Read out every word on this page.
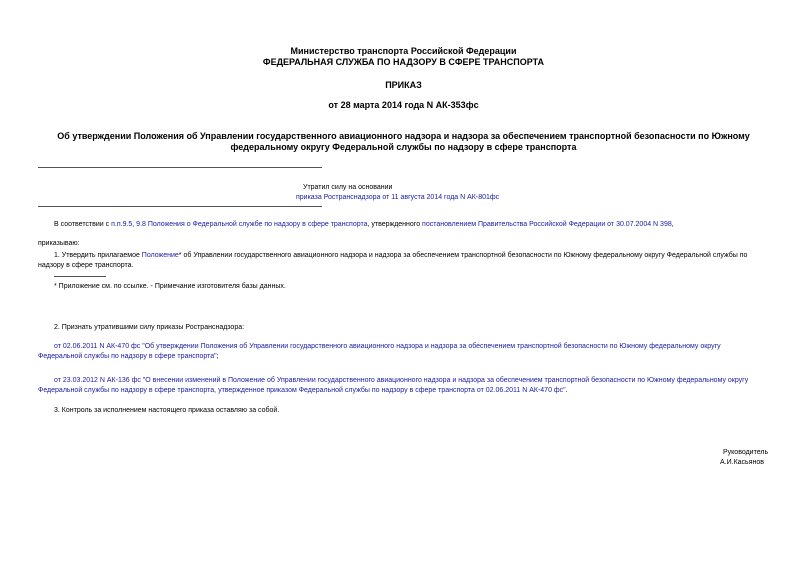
Министерство транспорта Российской Федерации
ФЕДЕРАЛЬНАЯ СЛУЖБА ПО НАДЗОРУ В СФЕРЕ ТРАНСПОРТА
ПРИКАЗ
от 28 марта 2014 года N АК-353фс
Об утверждении Положения об Управлении государственного авиационного надзора и надзора за обеспечением транспортной безопасности по Южному
федеральному округу Федеральной службы по надзору в сфере транспорта
Утратил силу на основании
приказа Ространснадзора от 11 августа 2014 года N АК-801фс
В соответствии с п.п.9.5, 9.8 Положения о Федеральной службе по надзору в сфере транспорта, утвержденного постановлением Правительства Российской Федерации от 30.07.2004 N 398,
приказываю:
1. Утвердить прилагаемое Положение* об Управлении государственного авиационного надзора и надзора за обеспечением транспортной безопасности по Южному федеральному округу Федеральной службы по
надзору в сфере транспорта.
* Приложение см. по ссылке. - Примечание изготовителя базы данных.
2. Признать утратившими силу приказы Ространснадзора:
от 02.06.2011 N АК-470 фс "Об утверждении Положения об Управлении государственного авиационного надзора и надзора за обеспечением транспортной безопасности по Южному федеральному округу
Федеральной службы по надзору в сфере транспорта";
от 23.03.2012 N АК-136 фс "О внесении изменений в Положение об Управлении государственного авиационного надзора и надзора за обеспечением транспортной безопасности по Южному федеральному округу
Федеральной службы по надзору в сфере транспорта, утвержденное приказом Федеральной службы по надзору в сфере транспорта от 02.06.2011 N АК-470 фс".
3. Контроль за исполнением настоящего приказа оставляю за собой.
Руководитель
А.И.Касьянов
